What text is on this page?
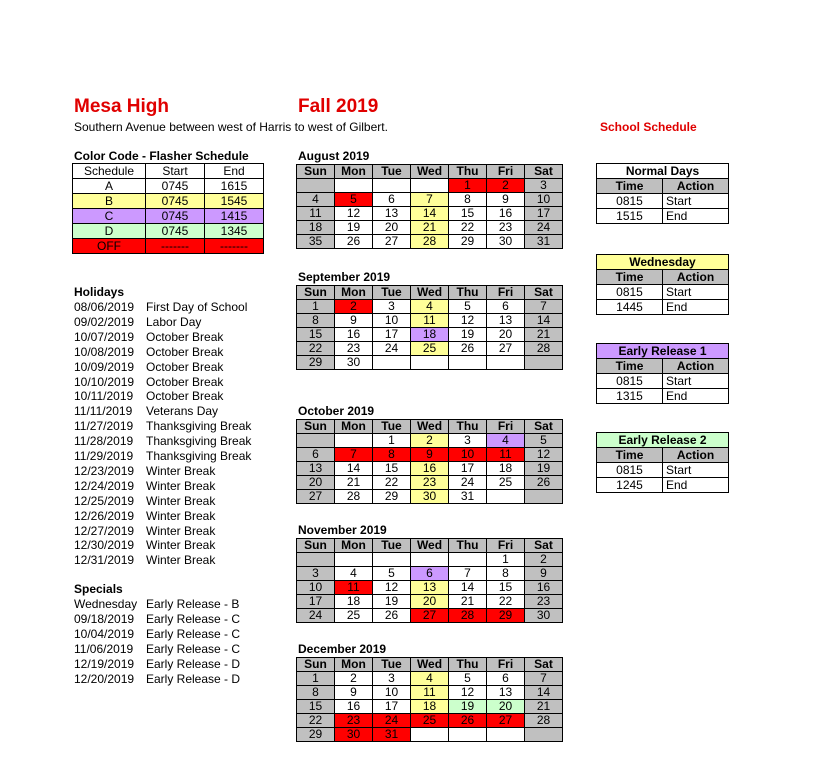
Mesa High	Fall 2019
Southern Avenue between west of Harris to west of Gilbert.	School Schedule
Color Code - Flasher Schedule
Schedule	Start	End
A	0745	1615
B	0745	1545
C	0745	1415
D	0745	1345
OFF	-------	-------
Holidays
08/06/2019 First Day of School
09/02/2019 Labor Day
10/07/2019 October Break
10/08/2019 October Break
10/09/2019 October Break
10/10/2019 October Break
10/11/2019 October Break
11/11/2019 Veterans Day
11/27/2019 Thanksgiving Break
11/28/2019 Thanksgiving Break
11/29/2019 Thanksgiving Break
12/23/2019 Winter Break
12/24/2019 Winter Break
12/25/2019 Winter Break
12/26/2019 Winter Break
12/27/2019 Winter Break
12/30/2019 Winter Break
12/31/2019 Winter Break
Specials
Wednesday Early Release - B
09/18/2019 Early Release - C
10/04/2019 Early Release - C
11/06/2019 Early Release - C
12/19/2019 Early Release - D
12/20/2019 Early Release - D
August 2019
Sun	Mon	Tue	Wed	Thu	Fri	Sat
				1	2	3
4	5	6	7	8	9	10
11	12	13	14	15	16	17
18	19	20	21	22	23	24
35	26	27	28	29	30	31
September 2019
Sun	Mon	Tue	Wed	Thu	Fri	Sat
1	2	3	4	5	6	7
8	9	10	11	12	13	14
15	16	17	18	19	20	21
22	23	24	25	26	27	28
29	30					
October 2019
Sun	Mon	Tue	Wed	Thu	Fri	Sat
		1	2	3	4	5
6	7	8	9	10	11	12
13	14	15	16	17	18	19
20	21	22	23	24	25	26
27	28	29	30	31		
November 2019
Sun	Mon	Tue	Wed	Thu	Fri	Sat
					1	2
3	4	5	6	7	8	9
10	11	12	13	14	15	16
17	18	19	20	21	22	23
24	25	26	27	28	29	30
December 2019
Sun	Mon	Tue	Wed	Thu	Fri	Sat
1	2	3	4	5	6	7
8	9	10	11	12	13	14
15	16	17	18	19	20	21
22	23	24	25	26	27	28
29	30	31				
Normal Days	
Time	Action
0815	Start
1515	End
Wednesday	
Time	Action
0815	Start
1445	End
Early Release 1	
Time	Action
0815	Start
1315	End
Early Release 2	
Time	Action
0815	Start
1245	End
